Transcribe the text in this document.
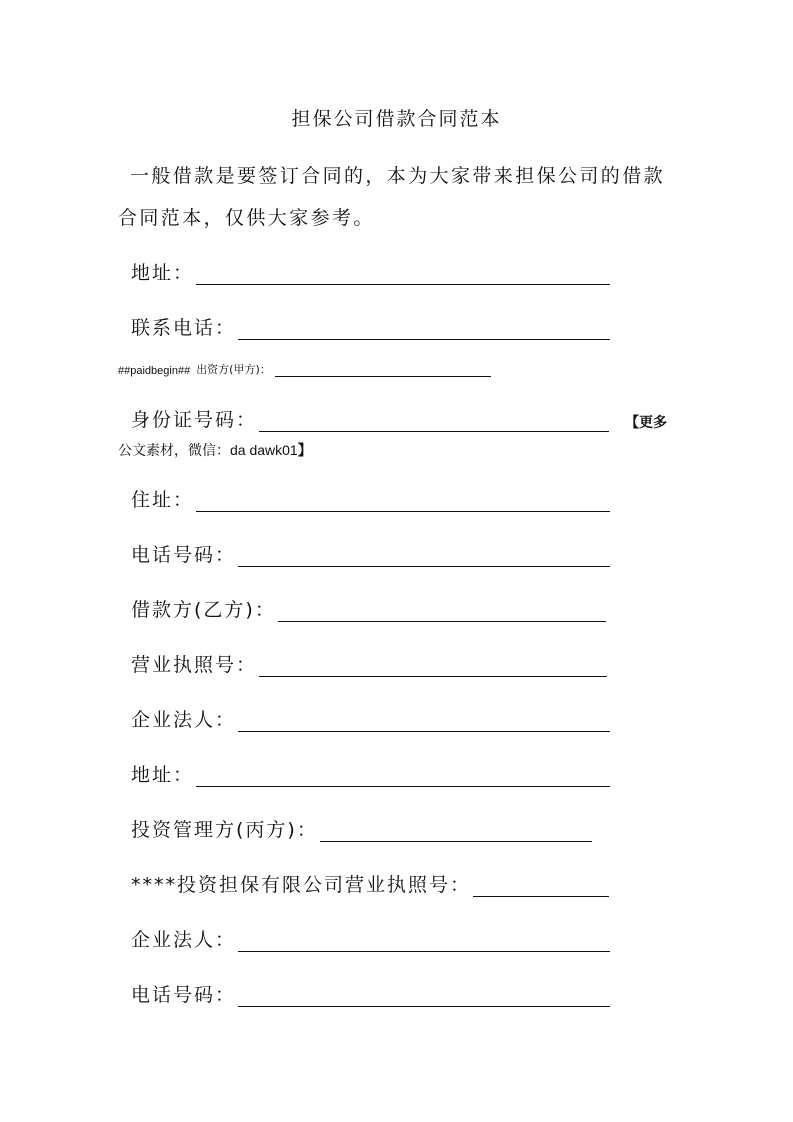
担保公司借款合同范本
一般借款是要签订合同的，本为大家带来担保公司的借款
合同范本，仅供大家参考。
地址：
联系电话：
##paidbegin## 出资方(甲方)：
身份证号码：	【更多
公文素材，微信：da dawk01】
住址：
电话号码：
借款方(乙方)：
营业执照号：
企业法人：
地址：
投资管理方(丙方)：
****投资担保有限公司营业执照号：
企业法人：
电话号码：
